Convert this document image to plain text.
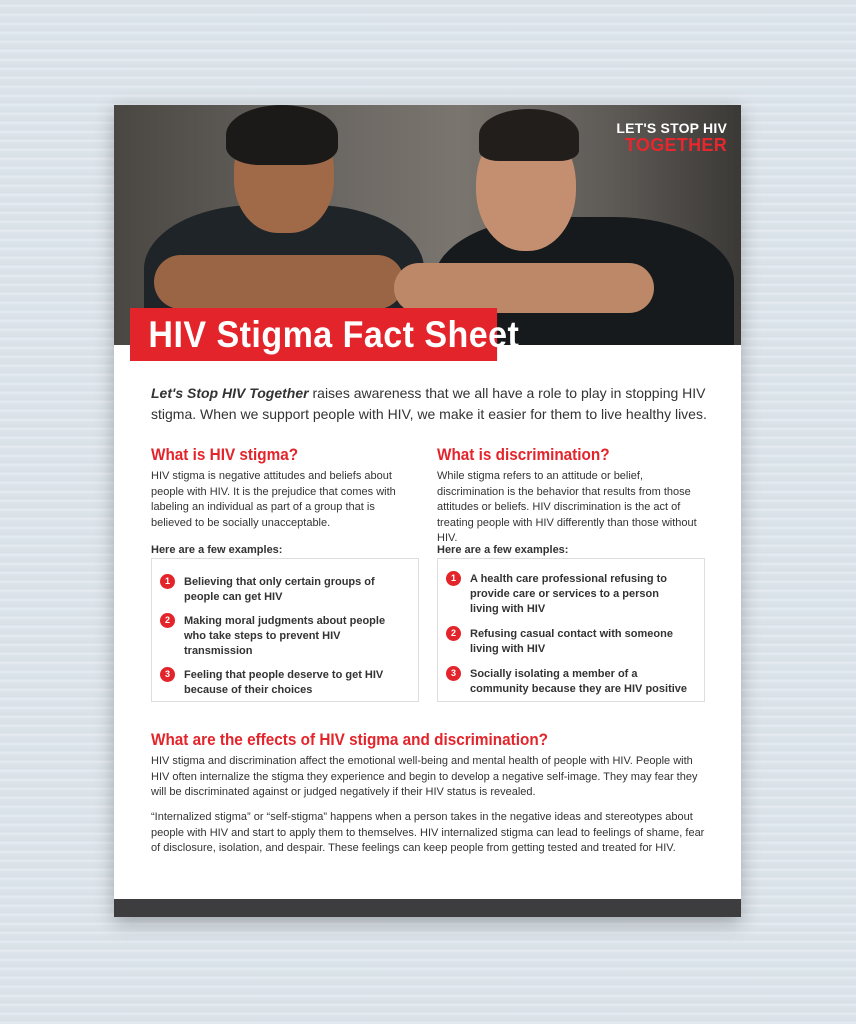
LET'S STOP HIV
TOGETHER
HIV Stigma Fact Sheet
Let's Stop HIV Together raises awareness that we all have a role to play in stopping HIV stigma. When we support people with HIV, we make it easier for them to live healthy lives.
What is HIV stigma?
HIV stigma is negative attitudes and beliefs about people with HIV. It is the prejudice that comes with labeling an individual as part of a group that is believed to be socially unacceptable.
Here are a few examples:
1	Believing that only certain groups of people can get HIV
2	Making moral judgments about people who take steps to prevent HIV transmission
3	Feeling that people deserve to get HIV because of their choices
What is discrimination?
While stigma refers to an attitude or belief, discrimination is the behavior that results from those attitudes or beliefs. HIV discrimination is the act of treating people with HIV differently than those without HIV.
Here are a few examples:
1	A health care professional refusing to provide care or services to a person living with HIV
2	Refusing casual contact with someone living with HIV
3	Socially isolating a member of a community because they are HIV positive
What are the effects of HIV stigma and discrimination?
HIV stigma and discrimination affect the emotional well-being and mental health of people with HIV. People with HIV often internalize the stigma they experience and begin to develop a negative self-image. They may fear they will be discriminated against or judged negatively if their HIV status is revealed.
“Internalized stigma” or “self-stigma” happens when a person takes in the negative ideas and stereotypes about people with HIV and start to apply them to themselves. HIV internalized stigma can lead to feelings of shame, fear of disclosure, isolation, and despair. These feelings can keep people from getting tested and treated for HIV.
